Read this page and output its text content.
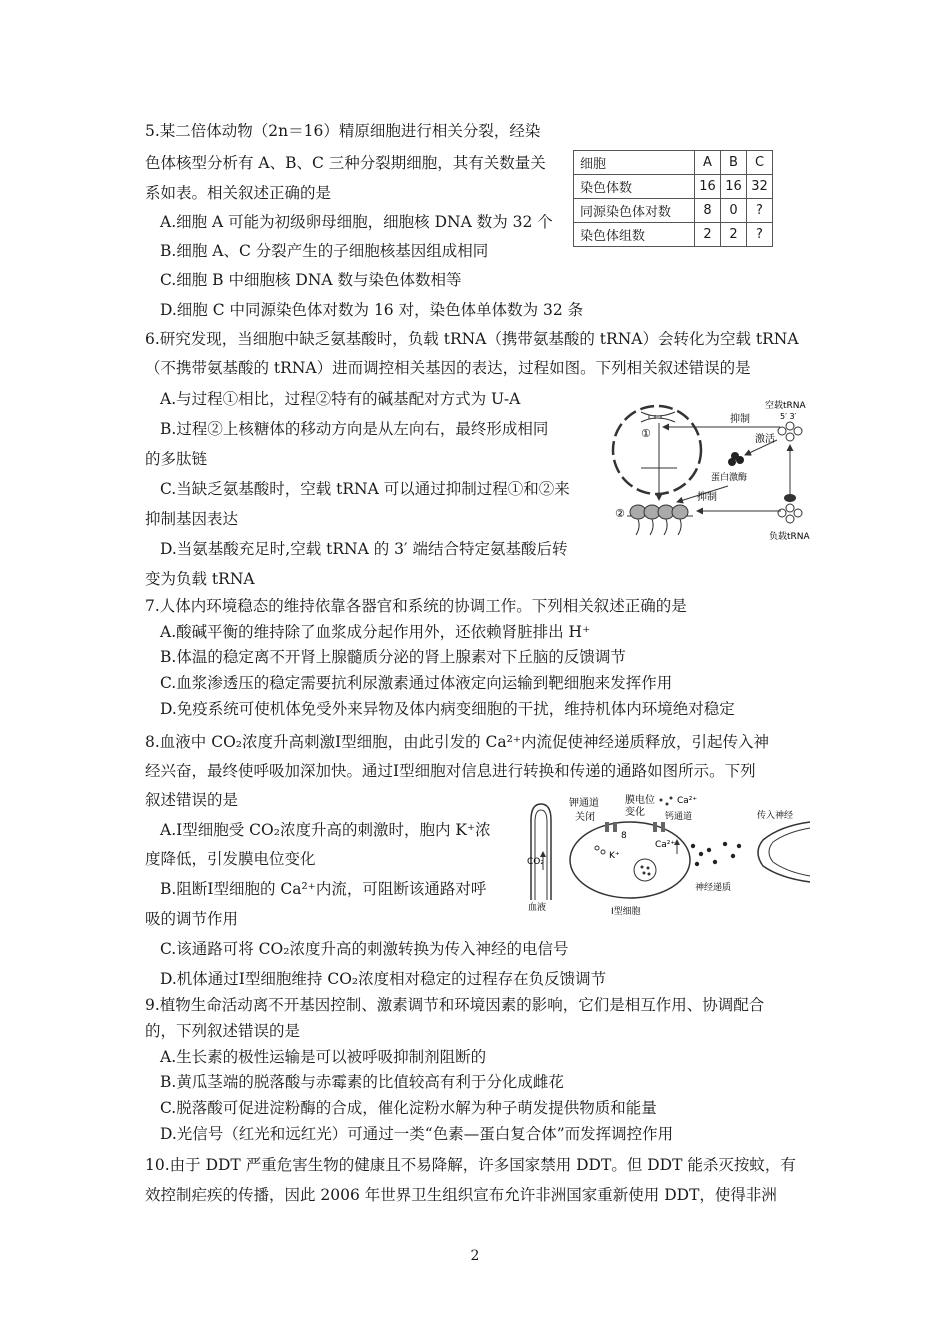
5.某二倍体动物（2n＝16）精原细胞进行相关分裂，经染
色体核型分析有 A、B、C 三种分裂期细胞，其有关数量关
系如表。相关叙述正确的是
A.细胞 A 可能为初级卵母细胞，细胞核 DNA 数为 32 个
B.细胞 A、C 分裂产生的子细胞核基因组成相同
C.细胞 B 中细胞核 DNA 数与染色体数相等
D.细胞 C 中同源染色体对数为 16 对，染色体单体数为 32 条
细胞	A	B	C
染色体数	16	16	32
同源染色体对数	8	0	?
染色体组数	2	2	?
6.研究发现，当细胞中缺乏氨基酸时，负载 tRNA（携带氨基酸的 tRNA）会转化为空载 tRNA
（不携带氨基酸的 tRNA）进而调控相关基因的表达，过程如图。下列相关叙述错误的是
A.与过程①相比，过程②特有的碱基配对方式为 U-A
B.过程②上核糖体的移动方向是从左向右，最终形成相同
的多肽链
C.当缺乏氨基酸时，空载 tRNA 可以通过抑制过程①和②来
抑制基因表达
D.当氨基酸充足时,空载 tRNA 的 3′ 端结合特定氨基酸后转
变为负载 tRNA
①
抑制
空载tRNA
5′ 3′
激活
蛋白激酶
抑制
②
负载tRNA
7.人体内环境稳态的维持依靠各器官和系统的协调工作。下列相关叙述正确的是
A.酸碱平衡的维持除了血浆成分起作用外，还依赖肾脏排出 H⁺
B.体温的稳定离不开肾上腺髓质分泌的肾上腺素对下丘脑的反馈调节
C.血浆渗透压的稳定需要抗利尿激素通过体液定向运输到靶细胞来发挥作用
D.免疫系统可使机体免受外来异物及体内病变细胞的干扰，维持机体内环境绝对稳定
8.血液中 CO₂浓度升高刺激Ⅰ型细胞，由此引发的 Ca²⁺内流促使神经递质释放，引起传入神
经兴奋，最终使呼吸加深加快。通过Ⅰ型细胞对信息进行转换和传递的通路如图所示。下列
叙述错误的是
A.Ⅰ型细胞受 CO₂浓度升高的刺激时，胞内 K⁺浓
度降低，引发膜电位变化
B.阻断Ⅰ型细胞的 Ca²⁺内流，可阻断该通路对呼
吸的调节作用
C.该通路可将 CO₂浓度升高的刺激转换为传入神经的电信号
D.机体通过Ⅰ型细胞维持 CO₂浓度相对稳定的过程存在负反馈调节
CO₂
血液	Ⅰ型细胞
钾通道
关闭
8
K⁺
膜电位
变化 钙通道
Ca²⁺
Ca²⁺
神经递质
传入神经
9.植物生命活动离不开基因控制、激素调节和环境因素的影响，它们是相互作用、协调配合
的，下列叙述错误的是
A.生长素的极性运输是可以被呼吸抑制剂阻断的
B.黄瓜茎端的脱落酸与赤霉素的比值较高有利于分化成雌花
C.脱落酸可促进淀粉酶的合成，催化淀粉水解为种子萌发提供物质和能量
D.光信号（红光和远红光）可通过一类“色素—蛋白复合体”而发挥调控作用
10.由于 DDT 严重危害生物的健康且不易降解，许多国家禁用 DDT。但 DDT 能杀灭按蚊，有
效控制疟疾的传播，因此 2006 年世界卫生组织宣布允许非洲国家重新使用 DDT，使得非洲
2
